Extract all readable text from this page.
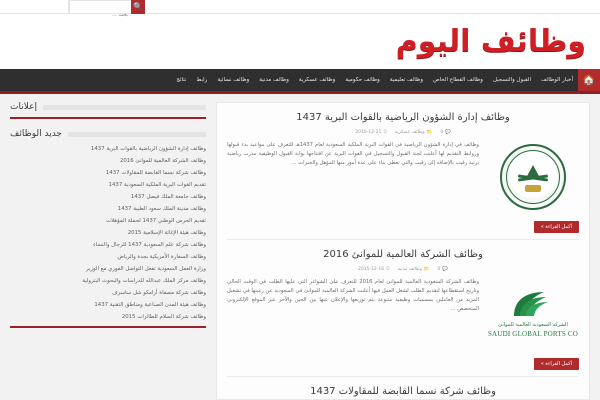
🔍
بحث ...
وظائف اليوم
🏠
أخبار الوظائف
القبول والتسجيل
وظائف القطاع الخاص
وظائف تعليمية
وظائف حكومية
وظائف عسكرية
وظائف مدنية
وظائف نسائية
رابط
نتائج
وظائف إدارة الشؤون الرياضية بالقوات البرية 1437
💬
0
📁
وظائف عسكرية
⏱
2015-12-21
وظائف في إدارة الشؤون الرياضية في القوات البرية الملكية السعودية لعام 1437هـ للتعرف على مواعيد بدء قبولها وروابط التقديم لها أعلنت لجنة القبول والتسجيل في القوات البرية عن افتتاحها بوابة القبول الوظيفية مدرب رياضية برتبة رقيب بالإضافة إلى رقيب والتي تعطى بناء على عدة أمور منها المؤهل والخبرات ...
أكمل القراءة »
وظائف الشركة العالمية للموانئ 2016
💬
0
📁
وظائف مدنية
⏱
2015-12-16
الشركة السعودية العالمية للموانئ
SAUDI GLOBAL PORTS CO
وظائف الشركة السعودية العالمية للموانئ لعام 2016 للتعرف على الشواغر التي عليها الطلب في الوقت الحالي وتاريخ استقطاعها لتقديم الطلب لشغل العمل فيها أعلنت الشركة العالمية للموانئ في السعودية عن رغبتها في تشغيل المزيد من العاملين بمسميات وظيفية متنوعة يتم توزيعها والإعلان عنها بين الحين والآخر عبر الموقع الإلكتروني المتخصص ...
أكمل القراءة »
وظائف شركة نسما القابضة للمقاولات 1437
إعلانات
جديد الوظائف
وظائف إدارة الشؤون الرياضية بالقوات البرية 1437
وظائف الشركة العالمية للموانئ 2016
وظائف شركة نسما القابضة للمقاولات 1437
تقديم القوات البرية الملكية السعودية 1437
وظائف جامعة الملك فيصل 1437
وظائف مدينة الملك سعود الطبية 1437
تقديم الحرس الوطني 1437 لحملة المؤهلات
وظائف هيئة الإغاثة الإسلامية 2015
وظائف شركة علم السعودية 1437 للرجال والنساء
وظائف السفارة الأمريكية بجدة والرياض
وزارة العمل السعودية تفعل التواصل الفوري مع الوزير
وظائف مركز الملك عبدالله للدراسات والبحوث البترولية
وظائف شركة مصفاة أرامكو شل ساسرف
وظائف هيئة المدن الصناعية ومناطق التقنية 1437
وظائف شركة السلام للطائرات 2015
